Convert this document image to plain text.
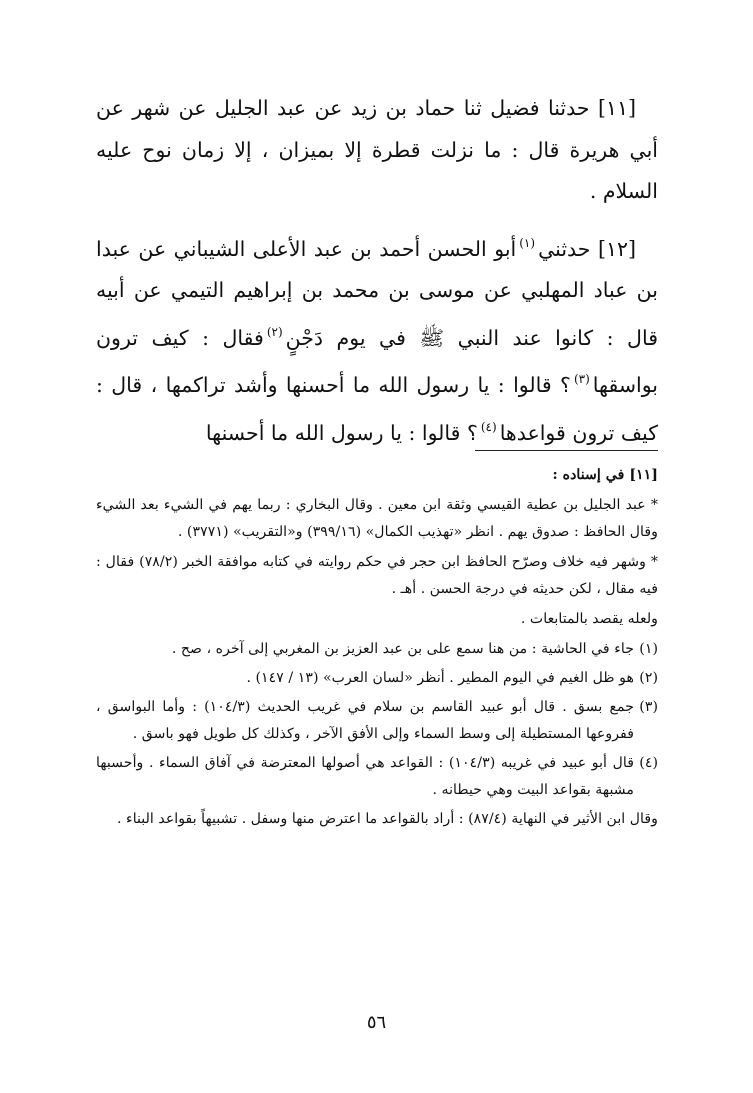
[١١] حدثنا فضيل ثنا حماد بن زيد عن عبد الجليل عن شهر عن أبي هريرة قال : ما نزلت قطرة إلا بميزان ، إلا زمان نوح عليه السلام .

[١٢] حدثني$^{(١)}$أبو الحسن أحمد بن عبد الأعلى الشيباني عن عبدا بن عباد المهلبي عن موسى بن محمد بن إبراهيم التيمي عن أبيه قال : كانوا عند النبي ﷺ في يوم دَجْنٍ$^{(٢)}$فقال : كيف ترون بواسقها$^{(٣)}$؟ قالوا : يا رسول الله ما أحسنها وأشد تراكمها ، قال : كيف ترون قواعدها$^{(٤)}$؟ قالوا : يا رسول الله ما أحسنها

[١١] في إسناده :
* عبد الجليل بن عطية القيسي وثقة ابن معين . وقال البخاري : ربما يهم في الشيء بعد الشيء وقال الحافظ : صدوق يهم . انظر «تهذيب الكمال» (٣٩٩/١٦) و«التقريب» (٣٧٧١) .
* وشهر فيه خلاف وصرّح الحافظ ابن حجر في حكم روايته في كتابه موافقة الخبر (٧٨/٢) فقال : فيه مقال ، لكن حديثه في درجة الحسن . أهـ .
ولعله يقصد بالمتابعات .
(١)
جاء في الحاشية : من هنا سمع على بن عبد العزيز بن المغربي إلى آخره ، صح .
(٢)
هو ظل الغيم في اليوم المطير . أنظر «لسان العرب» (١٣ / ١٤٧) .
(٣)
جمع بسق . قال أبو عبيد القاسم بن سلام في غريب الحديث (١٠٤/٣) : وأما البواسق ، ففروعها المستطيلة إلى وسط السماء وإلى الأفق الآخر ، وكذلك كل طويل فهو باسق .
(٤)
قال أبو عبيد في غريبه (١٠٤/٣) : القواعد هي أصولها المعترضة في آفاق السماء . وأحسبها مشبهة بقواعد البيت وهي حيطانه .
وقال ابن الأثير في النهاية (٨٧/٤) : أراد بالقواعد ما اعترض منها وسفل . تشبيهاً بقواعد البناء .
٥٦
